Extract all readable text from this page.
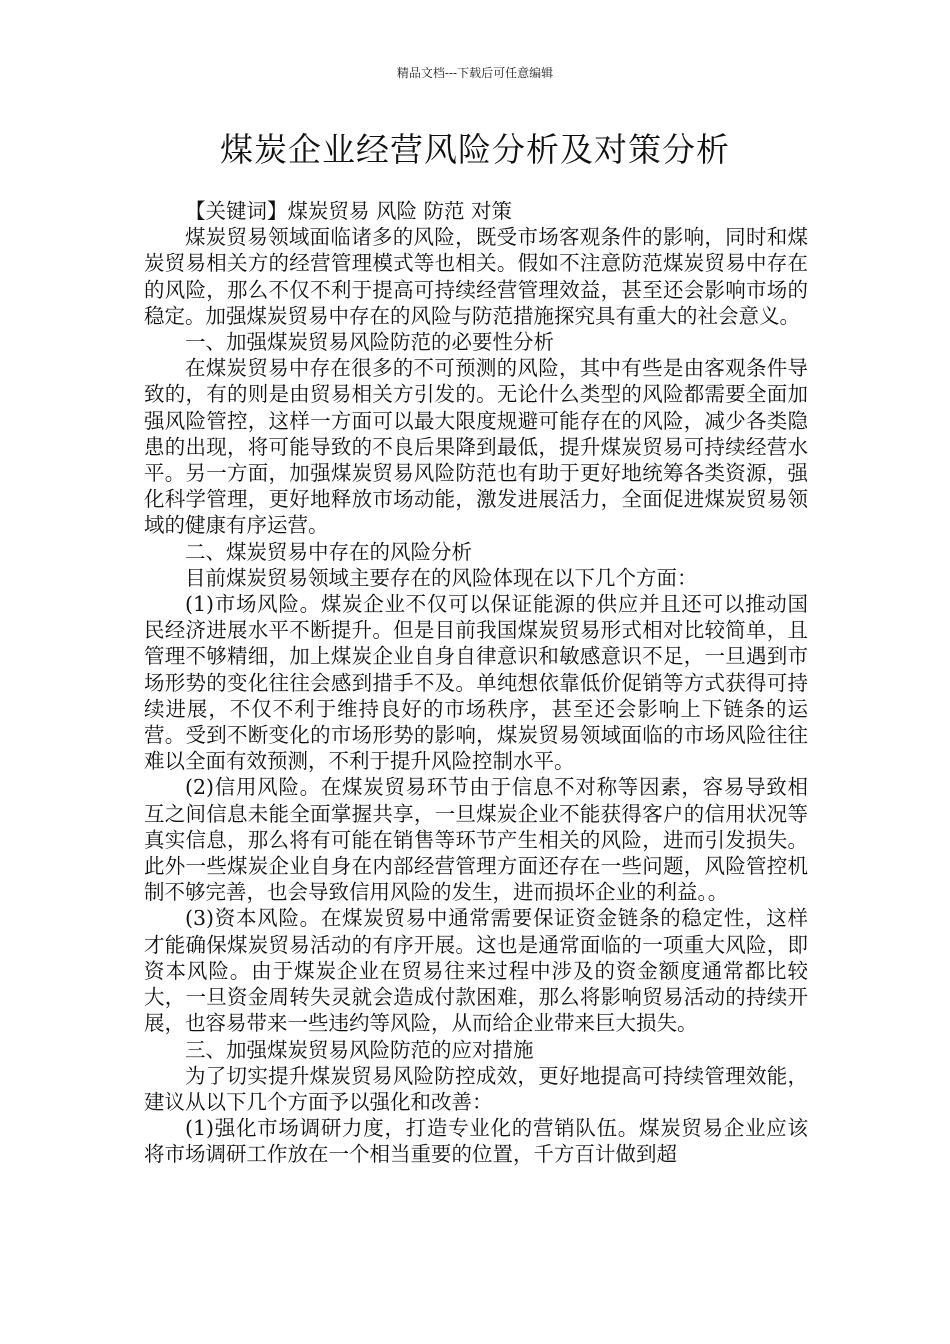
精品文档---下载后可任意编辑
煤炭企业经营风险分析及对策分析

【关键词】煤炭贸易 风险 防范 对策

煤炭贸易领域面临诸多的风险，既受市场客观条件的影响，同时和煤炭贸易相关方的经营管理模式等也相关。假如不注意防范煤炭贸易中存在的风险，那么不仅不利于提高可持续经营管理效益，甚至还会影响市场的稳定。加强煤炭贸易中存在的风险与防范措施探究具有重大的社会意义。

一、加强煤炭贸易风险防范的必要性分析

在煤炭贸易中存在很多的不可预测的风险，其中有些是由客观条件导致的，有的则是由贸易相关方引发的。无论什么类型的风险都需要全面加强风险管控，这样一方面可以最大限度规避可能存在的风险，减少各类隐患的出现，将可能导致的不良后果降到最低，提升煤炭贸易可持续经营水平。另一方面，加强煤炭贸易风险防范也有助于更好地统筹各类资源，强化科学管理，更好地释放市场动能，激发进展活力，全面促进煤炭贸易领域的健康有序运营。

二、煤炭贸易中存在的风险分析

目前煤炭贸易领域主要存在的风险体现在以下几个方面：

(1)市场风险。煤炭企业不仅可以保证能源的供应并且还可以推动国民经济进展水平不断提升。但是目前我国煤炭贸易形式相对比较简单，且管理不够精细，加上煤炭企业自身自律意识和敏感意识不足，一旦遇到市场形势的变化往往会感到措手不及。单纯想依靠低价促销等方式获得可持续进展，不仅不利于维持良好的市场秩序，甚至还会影响上下链条的运营。受到不断变化的市场形势的影响，煤炭贸易领域面临的市场风险往往难以全面有效预测，不利于提升风险控制水平。

(2)信用风险。在煤炭贸易环节由于信息不对称等因素，容易导致相互之间信息未能全面掌握共享，一旦煤炭企业不能获得客户的信用状况等真实信息，那么将有可能在销售等环节产生相关的风险，进而引发损失。此外一些煤炭企业自身在内部经营管理方面还存在一些问题，风险管控机制不够完善，也会导致信用风险的发生，进而损坏企业的利益。。

(3)资本风险。在煤炭贸易中通常需要保证资金链条的稳定性，这样才能确保煤炭贸易活动的有序开展。这也是通常面临的一项重大风险，即资本风险。由于煤炭企业在贸易往来过程中涉及的资金额度通常都比较大，一旦资金周转失灵就会造成付款困难，那么将影响贸易活动的持续开展，也容易带来一些违约等风险，从而给企业带来巨大损失。

三、加强煤炭贸易风险防范的应对措施

为了切实提升煤炭贸易风险防控成效，更好地提高可持续管理效能，建议从以下几个方面予以强化和改善：

(1)强化市场调研力度，打造专业化的营销队伍。煤炭贸易企业应该将市场调研工作放在一个相当重要的位置，千方百计做到超
